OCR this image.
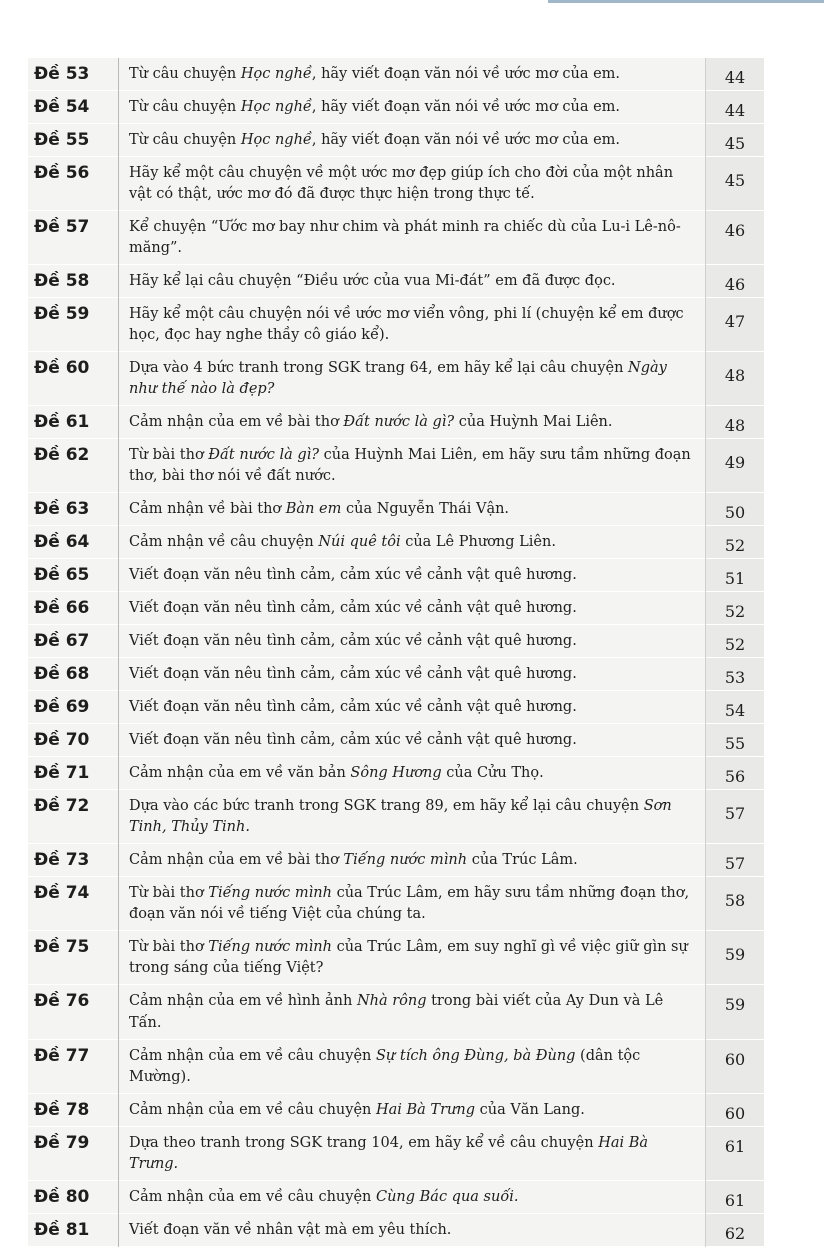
Đề 53	Từ câu chuyện Học nghề, hãy viết đoạn văn nói về ước mơ của em.	44
Đề 54	Từ câu chuyện Học nghề, hãy viết đoạn văn nói về ước mơ của em.	44
Đề 55	Từ câu chuyện Học nghề, hãy viết đoạn văn nói về ước mơ của em.	45
Đề 56	Hãy kể một câu chuyện về một ước mơ đẹp giúp ích cho đời của một nhân vật có thật, ước mơ đó đã được thực hiện trong thực tế.	45
Đề 57	Kể chuyện “Ước mơ bay như chim và phát minh ra chiếc dù của Lu-i Lê-nô-măng”.	46
Đề 58	Hãy kể lại câu chuyện “Điều ước của vua Mi-đát” em đã được đọc.	46
Đề 59	Hãy kể một câu chuyện nói về ước mơ viển vông, phi lí (chuyện kể em được học, đọc hay nghe thầy cô giáo kể).	47
Đề 60	Dựa vào 4 bức tranh trong SGK trang 64, em hãy kể lại câu chuyện Ngày như thế nào là đẹp?	48
Đề 61	Cảm nhận của em về bài thơ Đất nước là gì? của Huỳnh Mai Liên.	48
Đề 62	Từ bài thơ Đất nước là gì? của Huỳnh Mai Liên, em hãy sưu tầm những đoạn thơ, bài thơ nói về đất nước.	49
Đề 63	Cảm nhận về bài thơ Bàn em của Nguyễn Thái Vận.	50
Đề 64	Cảm nhận về câu chuyện Núi quê tôi của Lê Phương Liên.	52
Đề 65	Viết đoạn văn nêu tình cảm, cảm xúc về cảnh vật quê hương.	51
Đề 66	Viết đoạn văn nêu tình cảm, cảm xúc về cảnh vật quê hương.	52
Đề 67	Viết đoạn văn nêu tình cảm, cảm xúc về cảnh vật quê hương.	52
Đề 68	Viết đoạn văn nêu tình cảm, cảm xúc về cảnh vật quê hương.	53
Đề 69	Viết đoạn văn nêu tình cảm, cảm xúc về cảnh vật quê hương.	54
Đề 70	Viết đoạn văn nêu tình cảm, cảm xúc về cảnh vật quê hương.	55
Đề 71	Cảm nhận của em về văn bản Sông Hương của Cửu Thọ.	56
Đề 72	Dựa vào các bức tranh trong SGK trang 89, em hãy kể lại câu chuyện Sơn Tinh, Thủy Tinh.	57
Đề 73	Cảm nhận của em về bài thơ Tiếng nước mình của Trúc Lâm.	57
Đề 74	Từ bài thơ Tiếng nước mình của Trúc Lâm, em hãy sưu tầm những đoạn thơ, đoạn văn nói về tiếng Việt của chúng ta.	58
Đề 75	Từ bài thơ Tiếng nước mình của Trúc Lâm, em suy nghĩ gì về việc giữ gìn sự trong sáng của tiếng Việt?	59
Đề 76	Cảm nhận của em về hình ảnh Nhà rông trong bài viết của Ay Dun và Lê Tấn.	59
Đề 77	Cảm nhận của em về câu chuyện Sự tích ông Đùng, bà Đùng (dân tộc Mường).	60
Đề 78	Cảm nhận của em về câu chuyện Hai Bà Trưng của Văn Lang.	60
Đề 79	Dựa theo tranh trong SGK trang 104, em hãy kể về câu chuyện Hai Bà Trưng.	61
Đề 80	Cảm nhận của em về câu chuyện Cùng Bác qua suối.	61
Đề 81	Viết đoạn văn về nhân vật mà em yêu thích.	62
